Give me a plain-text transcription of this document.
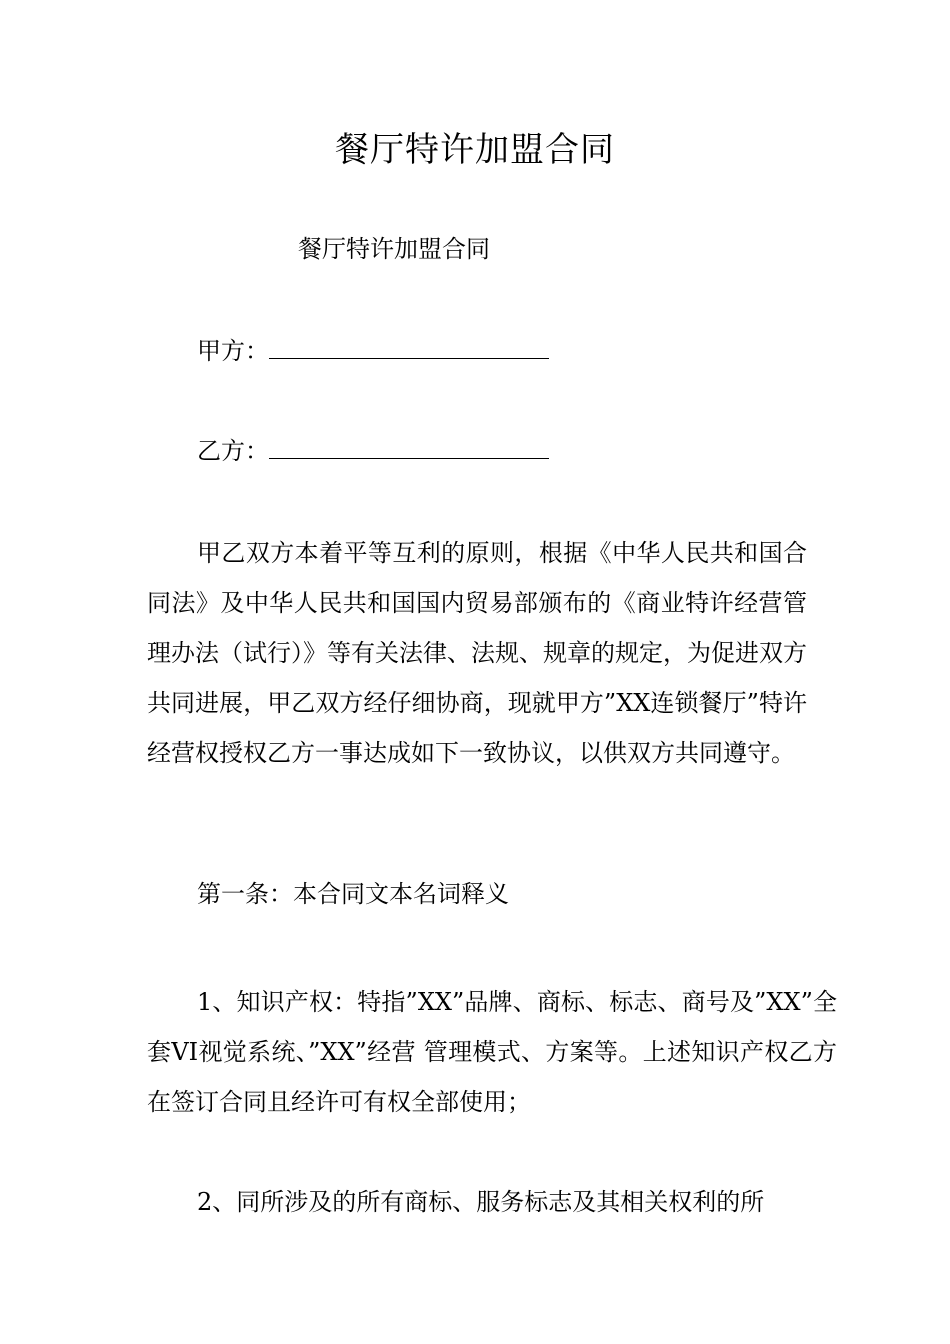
餐厅特许加盟合同
餐厅特许加盟合同
甲方：
乙方：

甲乙双方本着平等互利的原则，根据《中华人民共和国合同法》及中华人民共和国国内贸易部颁布的《商业特许经营管理办法（试行）》等有关法律、法规、规章的规定，为促进双方共同进展，甲乙双方经仔细协商，现就甲方”XX连锁餐厅”特许经营权授权乙方一事达成如下一致协议，以供双方共同遵守。

第一条：本合同文本名词释义

1、知识产权：特指”XX”品牌、商标、标志、商号及”XX”全套VI视觉系统、”XX”经营 管理模式、方案等。上述知识产权乙方在签订合同且经许可有权全部使用；

2、同所涉及的所有商标、服务标志及其相关权利的所
